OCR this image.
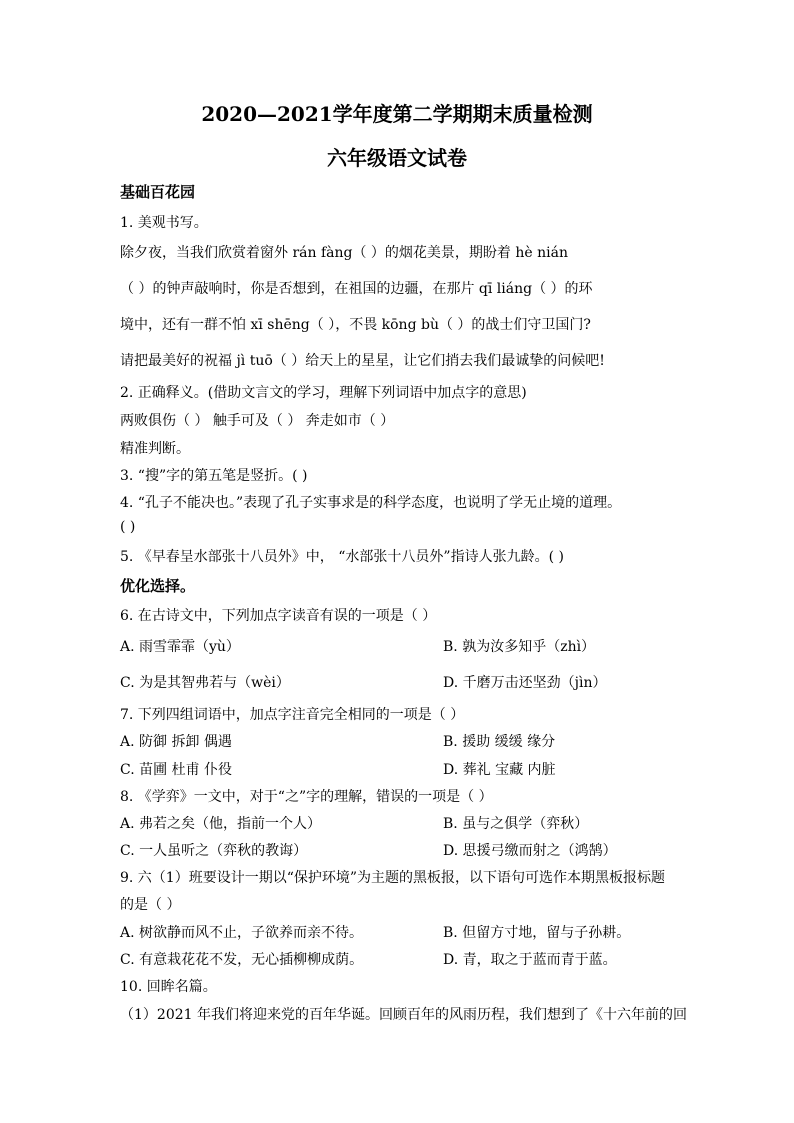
2020—2021学年度第二学期期末质量检测
六年级语文试卷
基础百花园
1. 美观书写。
除夕夜，当我们欣赏着窗外 rán fàng（ ）的烟花美景，期盼着 hè nián
（ ）的钟声敲响时，你是否想到，在祖国的边疆，在那片 qī liáng（ ）的环
境中，还有一群不怕 xī shēng（ ），不畏 kōng bù（ ）的战士们守卫国门?
请把最美好的祝福 jì tuō（ ）给天上的星星，让它们捎去我们最诚挚的问候吧!
2. 正确释义。(借助文言文的学习，理解下列词语中加点字的意思)
两败俱伤（ ） 触手可及（ ） 奔走如市（ ）
精准判断。
3. “搜”字的第五笔是竖折。( )
4. “孔子不能决也。”表现了孔子实事求是的科学态度，也说明了学无止境的道理。
( )
5. 《早春呈水部张十八员外》中， “水部张十八员外”指诗人张九龄。( )
优化选择。
6. 在古诗文中，下列加点字读音有误的一项是（ ）
A. 雨雪霏霏（yù）	B. 孰为汝多知乎（zhì）
C. 为是其智弗若与（wèi）	D. 千磨万击还坚劲（jìn）
7. 下列四组词语中，加点字注音完全相同的一项是（ ）
A. 防御 拆卸 偶遇	B. 援助 缓缓 缘分
C. 苗圃 杜甫 仆役	D. 葬礼 宝藏 内脏
8. 《学弈》一文中，对于“之”字的理解，错误的一项是（ ）
A. 弗若之矣（他，指前一个人）	B. 虽与之俱学（弈秋）
C. 一人虽听之（弈秋的教诲）	D. 思援弓缴而射之（鸿鹄）
9. 六（1）班要设计一期以“保护环境”为主题的黑板报，以下语句可选作本期黑板报标题
的是（ ）
A. 树欲静而风不止，子欲养而亲不待。	B. 但留方寸地，留与子孙耕。
C. 有意栽花花不发，无心插柳柳成荫。	D. 青，取之于蓝而青于蓝。
10. 回眸名篇。
（1）2021 年我们将迎来党的百年华诞。回顾百年的风雨历程，我们想到了《十六年前的回
